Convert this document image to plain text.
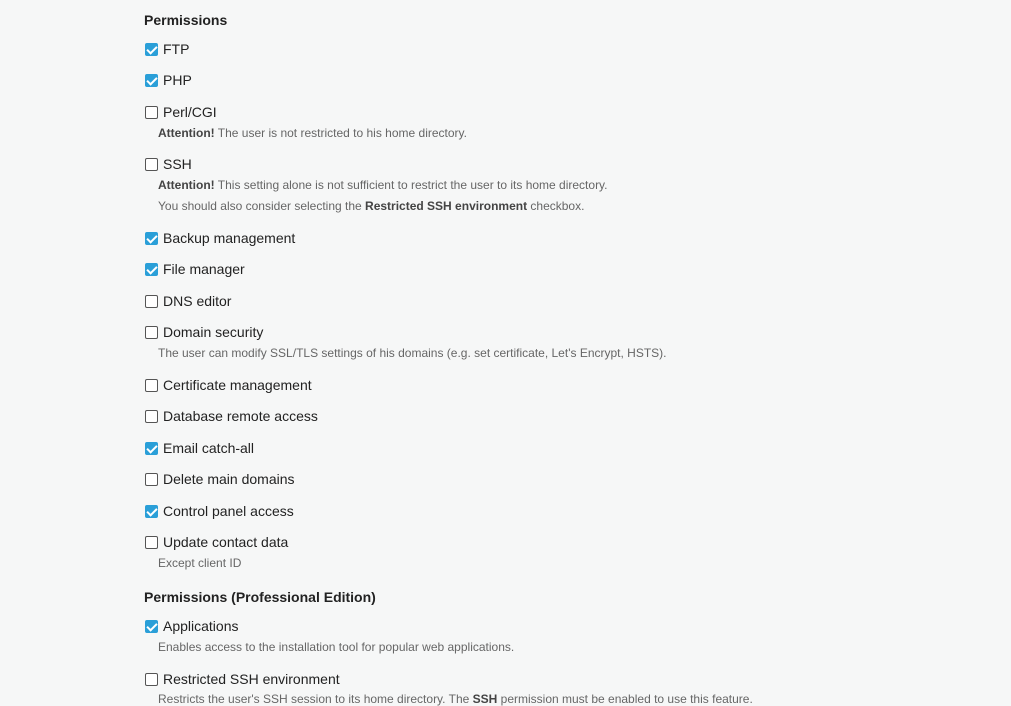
Permissions
FTP
PHP
Perl/CGI
Attention! The user is not restricted to his home directory.
SSH
Attention! This setting alone is not sufficient to restrict the user to its home directory.
You should also consider selecting the Restricted SSH environment checkbox.
Backup management
File manager
DNS editor
Domain security
The user can modify SSL/TLS settings of his domains (e.g. set certificate, Let's Encrypt, HSTS).
Certificate management
Database remote access
Email catch-all
Delete main domains
Control panel access
Update contact data
Except client ID
Permissions (Professional Edition)
Applications
Enables access to the installation tool for popular web applications.
Restricted SSH environment
Restricts the user's SSH session to its home directory. The SSH permission must be enabled to use this feature.
